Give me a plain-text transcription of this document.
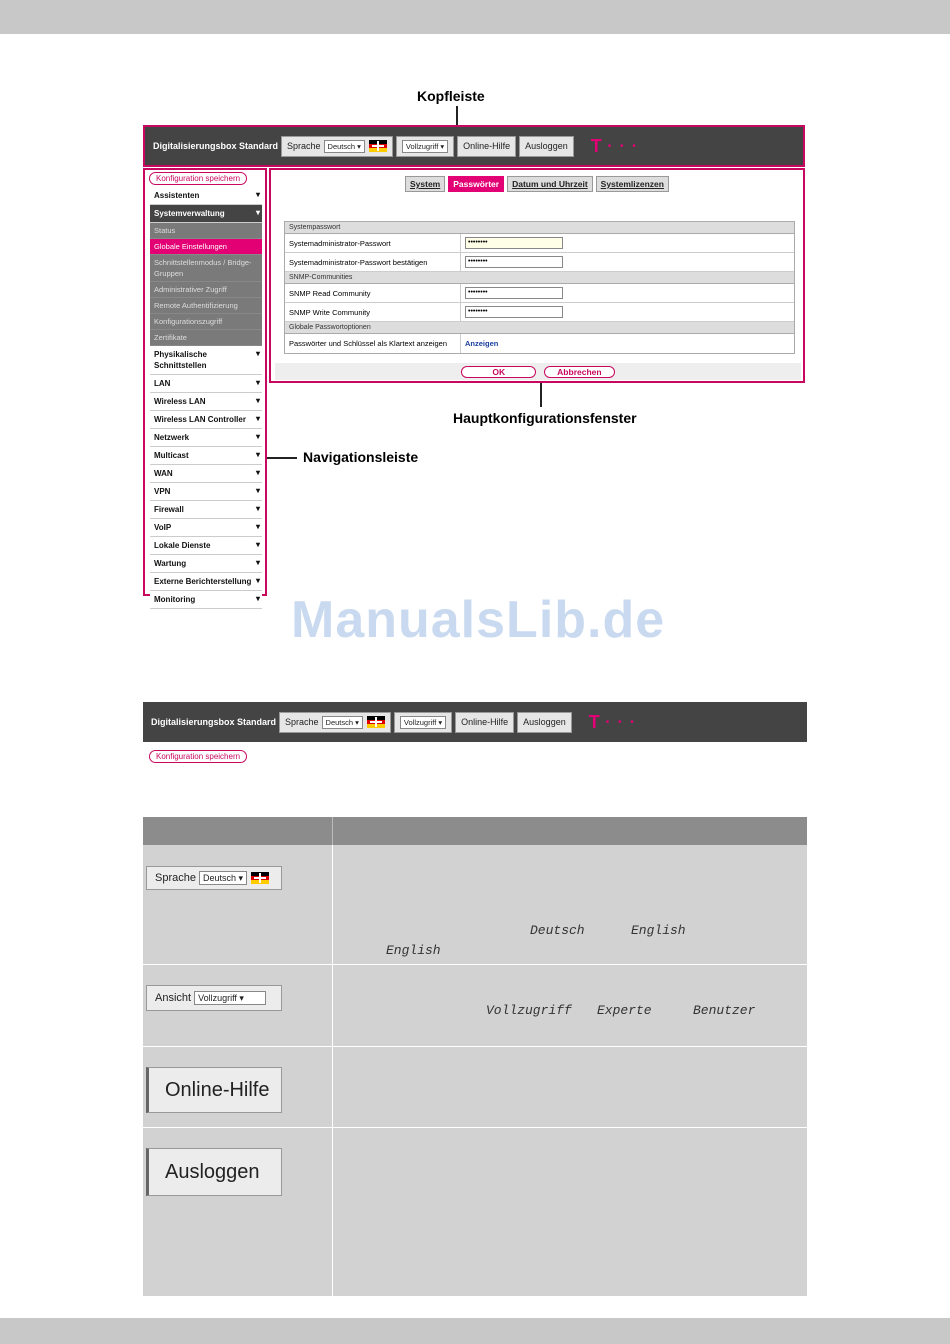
Kopfleiste
Digitalisierungsbox Standard Sprache Deutsch ▾	Vollzugriff ▾	Online-Hilfe	Ausloggen	T • • •
Konfiguration speichern
Assistenten ▾
Systemverwaltung ▾
Status
Globale Einstellungen
Schnittstellenmodus / Bridge-Gruppen
Administrativer Zugriff
Remote Authentifizierung
Konfigurationszugriff
Zertifikate
Physikalische Schnittstellen ▾
LAN ▾
Wireless LAN ▾
Wireless LAN Controller ▾
Netzwerk ▾
Multicast ▾
WAN ▾
VPN ▾
Firewall ▾
VoIP ▾
Lokale Dienste ▾
Wartung ▾
Externe Berichterstellung ▾
Monitoring ▾
Navigationsleiste
System	Passwörter	Datum und Uhrzeit	Systemlizenzen
Systempasswort
Systemadministrator-Passwort	••••••••
Systemadministrator-Passwort bestätigen	••••••••
SNMP-Communities
SNMP Read Community	••••••••
SNMP Write Community	••••••••
Globale Passwortoptionen
Passwörter und Schlüssel als Klartext anzeigen	Anzeigen
OK	Abbrechen
Hauptkonfigurationsfenster
ManualsLib.de
Digitalisierungsbox Standard Sprache Deutsch ▾	Vollzugriff ▾	Online-Hilfe	Ausloggen	T • • •
Konfiguration speichern
Sprache Deutsch ▾
Deutsch	English
English
Ansicht Vollzugriff ▾
Vollzugriff Experte	Benutzer
Online-Hilfe
Ausloggen
